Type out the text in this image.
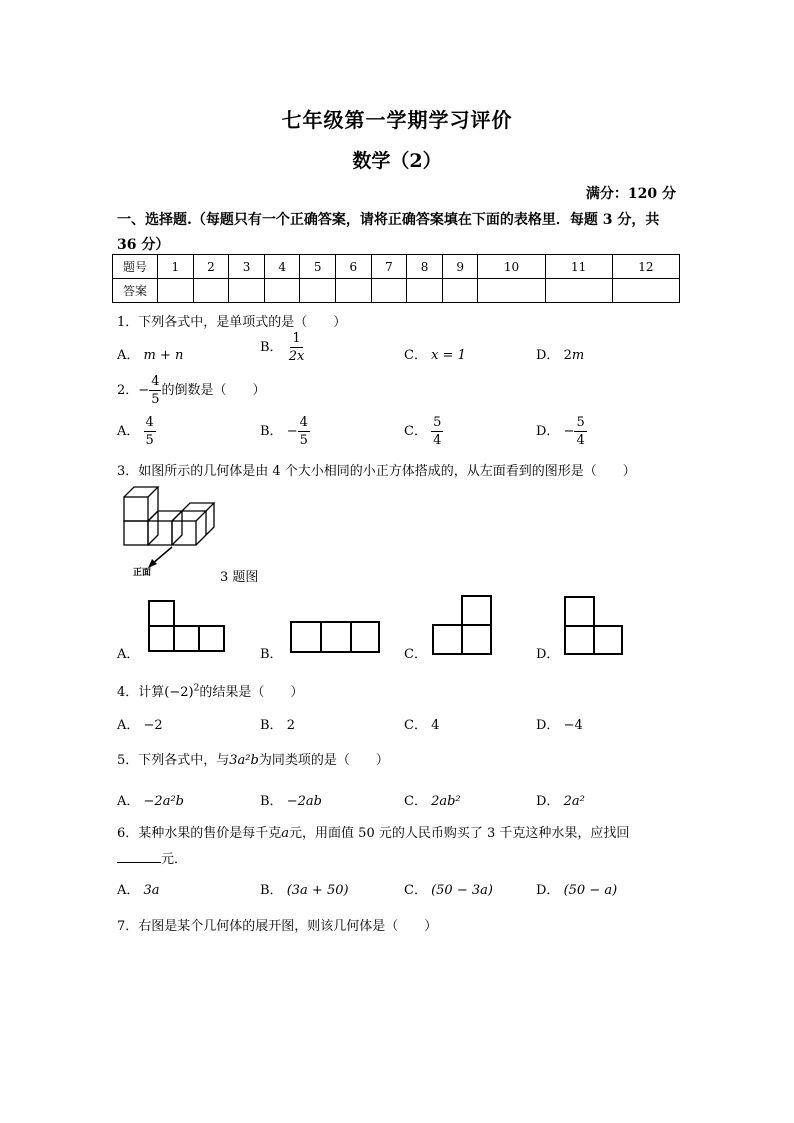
七年级第一学期学习评价
数学（2）
满分：120 分
一、选择题.（每题只有一个正确答案，请将正确答案填在下面的表格里．每题 3 分，共 36 分）
题号	1	2	3	4	5	6	7	8	9	10	11	12
答案												
1．下列各式中，是单项式的是（　　）
A． m + n
B． $\frac{1}{2x}$	C． x = 1	D． 2m
2．− $\frac{4}{5}$ 的倒数是（　　）
A． $\frac{4}{5}$	B． − $\frac{4}{5}$	C． $\frac{5}{4}$	D． − $\frac{5}{4}$
3．如图所示的几何体是由 4 个大小相同的小正方体搭成的，从左面看到的图形是（　　）
正面	3 题图
A．	B．	C．	D．
4．计算$(-2)^2$的结果是（　　）
A． −2	B． 2	C． 4	D． −4
5．下列各式中，与3a²b为同类项的是（　　）
A． −2a²b	B． −2ab	C． 2ab²	D． 2a²
6．某种水果的售价是每千克a元，用面值 50 元的人民币购买了 3 千克这种水果，应找回
元．
A． 3a	B． (3a + 50)	C． (50 − 3a)	D． (50 − a)
7．右图是某个几何体的展开图，则该几何体是（　　）
